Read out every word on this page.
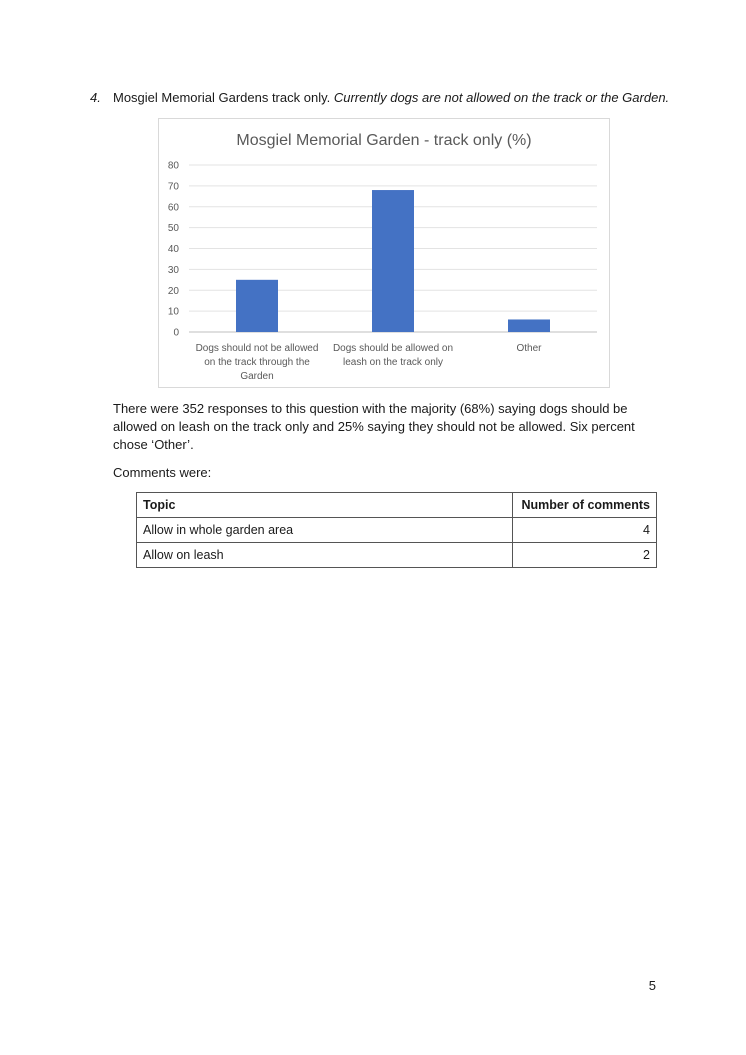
4. Mosgiel Memorial Gardens track only. Currently dogs are not allowed on the track or the Garden.
Mosgiel Memorial Garden - track only (%)
0
10
20
30
40
50
60
70
80
Dogs should not be allowed
on the track through the
Garden
Dogs should be allowed on
leash on the track only
Other
There were 352 responses to this question with the majority (68%) saying dogs should be allowed on leash on the track only and 25% saying they should not be allowed. Six percent chose ‘Other’.
Comments were:
Topic	Number of comments
Allow in whole garden area	4
Allow on leash	2
5
